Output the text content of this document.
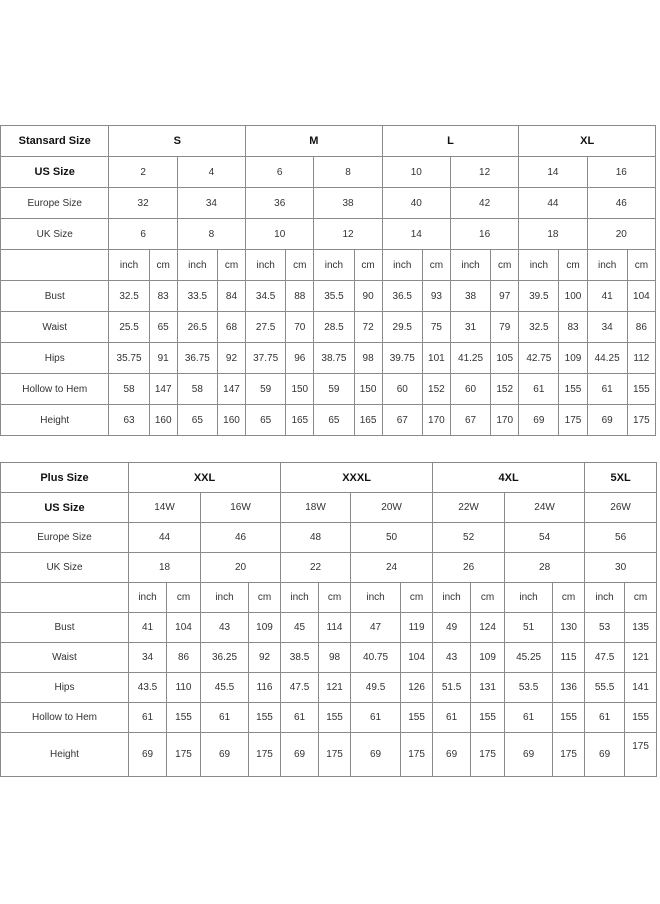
Stansard Size	S				M				L				XL			
US Size	2		4		6		8		10		12		14		16	
Europe Size	32		34		36		38		40		42		44		46	
UK Size	6		8		10		12		14		16		18		20	
	inch	cm	inch	cm	inch	cm	inch	cm	inch	cm	inch	cm	inch	cm	inch	cm
Bust	32.5	83	33.5	84	34.5	88	35.5	90	36.5	93	38	97	39.5	100	41	104
Waist	25.5	65	26.5	68	27.5	70	28.5	72	29.5	75	31	79	32.5	83	34	86
Hips	35.75	91	36.75	92	37.75	96	38.75	98	39.75	101	41.25	105	42.75	109	44.25	112
Hollow to Hem	58	147	58	147	59	150	59	150	60	152	60	152	61	155	61	155
Height	63	160	65	160	65	165	65	165	67	170	67	170	69	175	69	175
Plus Size	XXL				XXXL				4XL				5XL	
US Size	14W		16W		18W		20W		22W		24W		26W	
Europe Size	44		46		48		50		52		54		56	
UK Size	18		20		22		24		26		28		30	
	inch	cm	inch	cm	inch	cm	inch	cm	inch	cm	inch	cm	inch	cm
Bust	41	104	43	109	45	114	47	119	49	124	51	130	53	135
Waist	34	86	36.25	92	38.5	98	40.75	104	43	109	45.25	115	47.5	121
Hips	43.5	110	45.5	116	47.5	121	49.5	126	51.5	131	53.5	136	55.5	141
Hollow to Hem	61	155	61	155	61	155	61	155	61	155	61	155	61	155
Height	69	175	69	175	69	175	69	175	69	175	69	175	69	175
